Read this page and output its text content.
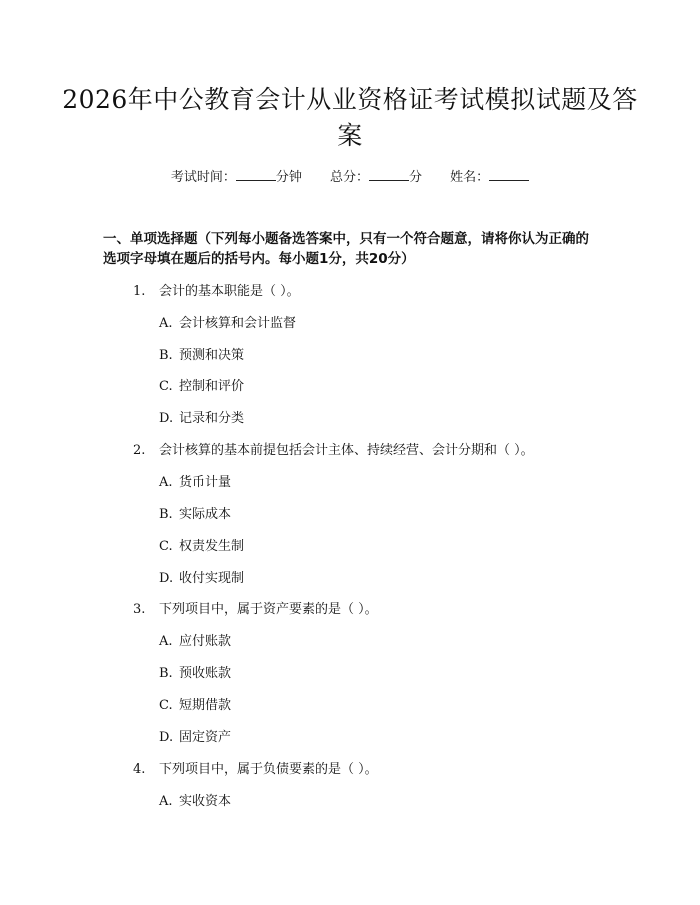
2026年中公教育会计从业资格证考试模拟试题及答案
考试时间：	分钟 总分：	分 姓名：
一、单项选择题（下列每小题备选答案中，只有一个符合题意，请将你认为正确的选项字母填在题后的括号内。每小题1分，共20分）
1. 会计的基本职能是（ ）。
A. 会计核算和会计监督
B. 预测和决策
C. 控制和评价
D. 记录和分类
2. 会计核算的基本前提包括会计主体、持续经营、会计分期和（ ）。
A. 货币计量
B. 实际成本
C. 权责发生制
D. 收付实现制
3. 下列项目中，属于资产要素的是（ ）。
A. 应付账款
B. 预收账款
C. 短期借款
D. 固定资产
4. 下列项目中，属于负债要素的是（ ）。
A. 实收资本
